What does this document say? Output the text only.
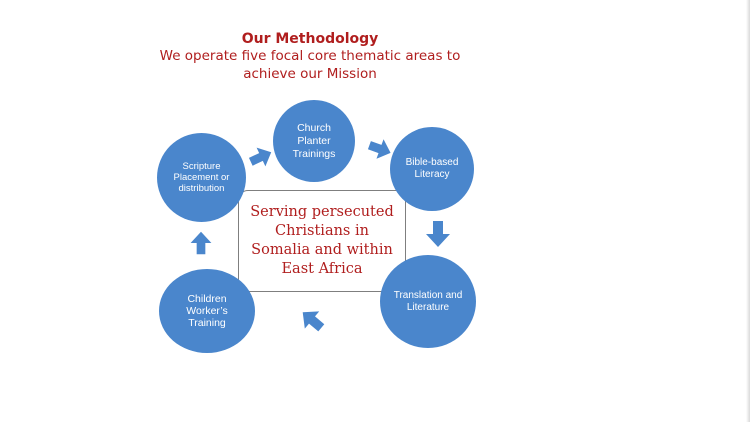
Our Methodology
We operate five focal core thematic areas to
achieve our Mission
Serving persecuted
Christians in
Somalia and within
East Africa
Church
Planter
Trainings
Bible-based
Literacy
Translation and
Literature
Children
Worker’s
Training
Scripture
Placement or
distribution
